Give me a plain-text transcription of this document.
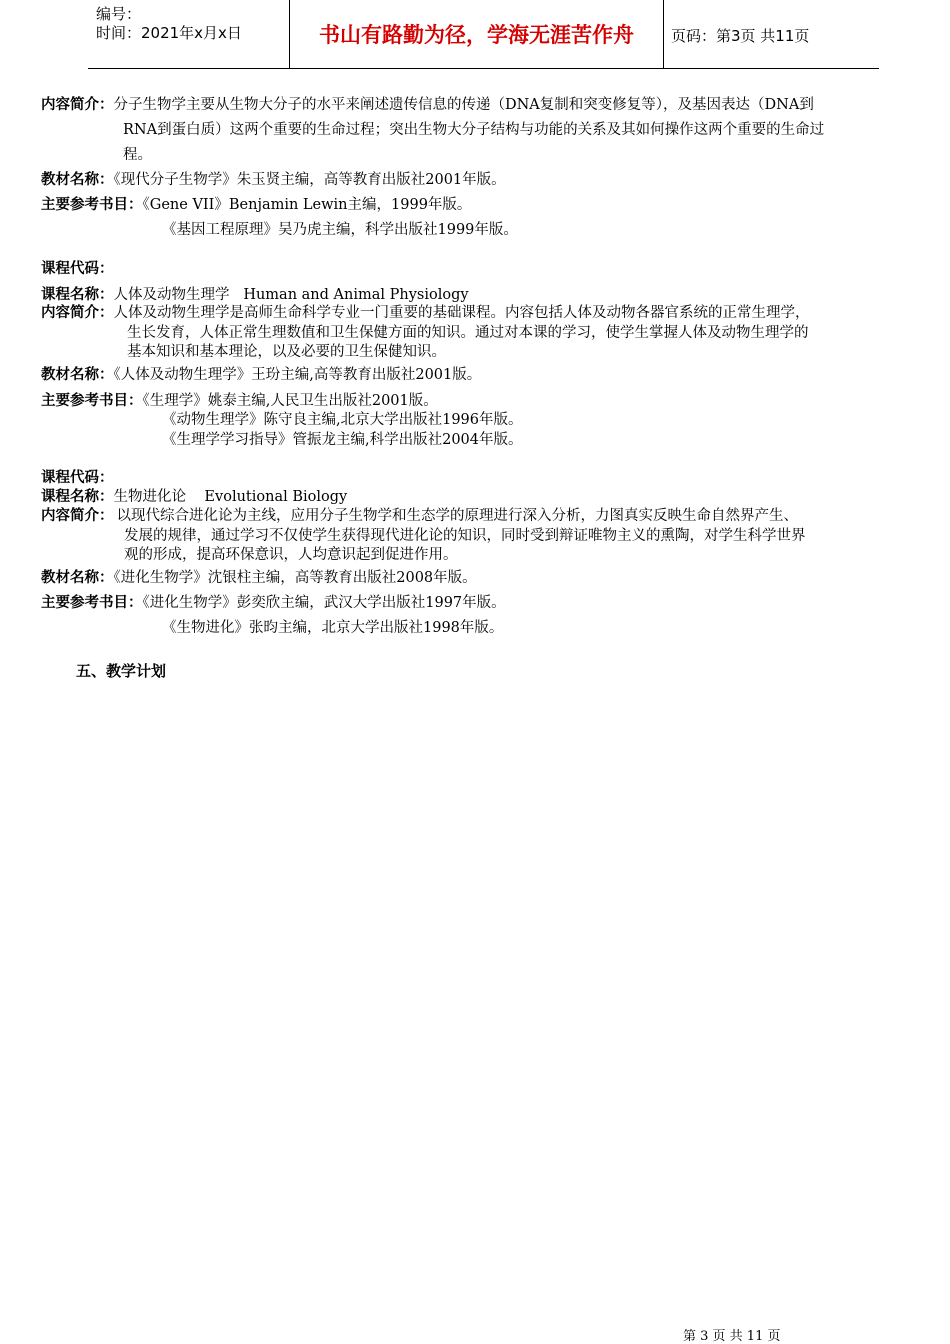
编号：
时间：2021年x月x日	书山有路勤为径，学海无涯苦作舟	页码：第3页 共11页
内容简介：分子生物学主要从生物大分子的水平来阐述遗传信息的传递（DNA复制和突变修复等），及基因表达（DNA到
RNA到蛋白质）这两个重要的生命过程；突出生物大分子结构与功能的关系及其如何操作这两个重要的生命过
程。
教材名称：《现代分子生物学》朱玉贤主编，高等教育出版社2001年版。
主要参考书目：《Gene VII》Benjamin Lewin主编，1999年版。
《基因工程原理》吴乃虎主编，科学出版社1999年版。
课程代码：
课程名称：人体及动物生理学   Human and Animal Physiology
内容简介：人体及动物生理学是高师生命科学专业一门重要的基础课程。内容包括人体及动物各器官系统的正常生理学，
生长发育，人体正常生理数值和卫生保健方面的知识。通过对本课的学习，使学生掌握人体及动物生理学的
基本知识和基本理论，以及必要的卫生保健知识。
教材名称：《人体及动物生理学》王玢主编,高等教育出版社2001版。
主要参考书目：《生理学》姚泰主编,人民卫生出版社2001版。
《动物生理学》陈守良主编,北京大学出版社1996年版。
《生理学学习指导》管振龙主编,科学出版社2004年版。
课程代码：
课程名称：生物进化论    Evolutional Biology
内容简介： 以现代综合进化论为主线，应用分子生物学和生态学的原理进行深入分析，力图真实反映生命自然界产生、
发展的规律，通过学习不仅使学生获得现代进化论的知识，同时受到辩证唯物主义的熏陶，对学生科学世界
观的形成，提高环保意识，人均意识起到促进作用。
教材名称：《进化生物学》沈银柱主编，高等教育出版社2008年版。
主要参考书目：《进化生物学》彭奕欣主编，武汉大学出版社1997年版。
《生物进化》张昀主编，北京大学出版社1998年版。
五、教学计划
第 3 页 共 11 页
